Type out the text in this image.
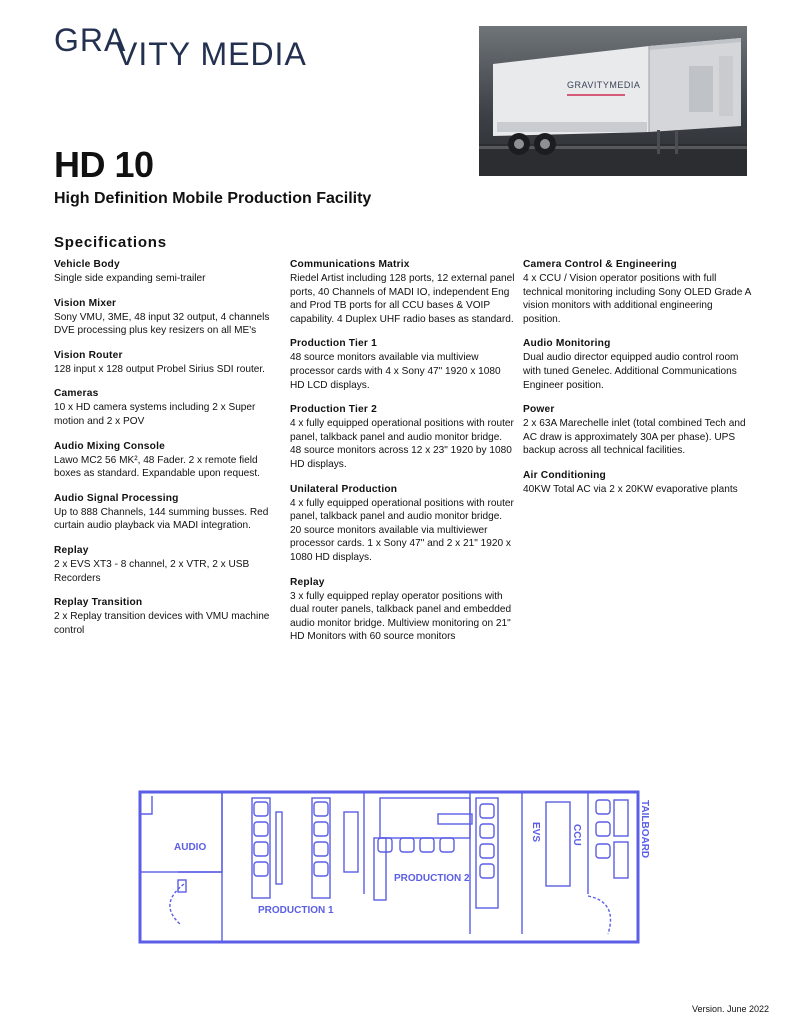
GRA
VITY MEDIA
GRAVITYMEDIA
HD 10
High Definition Mobile Production Facility
Specifications
Vehicle Body

Single side expanding semi-trailer

Vision Mixer

Sony VMU, 3ME, 48 input 32 output, 4 channels DVE processing plus key resizers on all ME's

Vision Router

128 input x 128 output Probel Sirius SDI router.

Cameras

10 x HD camera systems including 2 x Super motion and 2 x POV

Audio Mixing Console

Lawo MC2 56 MK², 48 Fader. 2 x remote field boxes as standard. Expandable upon request.

Audio Signal Processing

Up to 888 Channels, 144 summing busses. Red curtain audio playback via MADI integration.

Replay

2 x EVS XT3 - 8 channel, 2 x VTR, 2 x USB Recorders

Replay Transition

2 x Replay transition devices with VMU machine control

Communications Matrix

Riedel Artist including 128 ports, 12 external panel ports, 40 Channels of MADI IO, independent Eng and Prod TB ports for all CCU bases & VOIP capability. 4 Duplex UHF radio bases as standard.

Production Tier 1

48 source monitors available via multiview processor cards with 4 x Sony 47" 1920 x 1080 HD LCD displays.

Production Tier 2

4 x fully equipped operational positions with router panel, talkback panel and audio monitor bridge. 48 source monitors across 12 x 23" 1920 by 1080 HD displays.

Unilateral Production

4 x fully equipped operational positions with router panel, talkback panel and audio monitor bridge. 20 source monitors available via multiviewer processor cards. 1 x Sony 47" and 2 x 21" 1920 x 1080 HD displays.

Replay

3 x fully equipped replay operator positions with dual router panels, talkback panel and embedded audio monitor bridge. Multiview monitoring on 21" HD Monitors with 60 source monitors

Camera Control & Engineering

4 x CCU / Vision operator positions with full technical monitoring including Sony OLED Grade A vision monitors with additional engineering position.

Audio Monitoring

Dual audio director equipped audio control room with tuned Genelec. Additional Communications Engineer position.

Power

2 x 63A Marechelle inlet (total combined Tech and AC draw is approximately 30A per phase). UPS backup across all technical facilities.

Air Conditioning

40KW Total AC via 2 x 20KW evaporative plants

AUDIO
PRODUCTION 1
PRODUCTION 2
EVS	CCU	TAILBOARD
Version. June 2022
